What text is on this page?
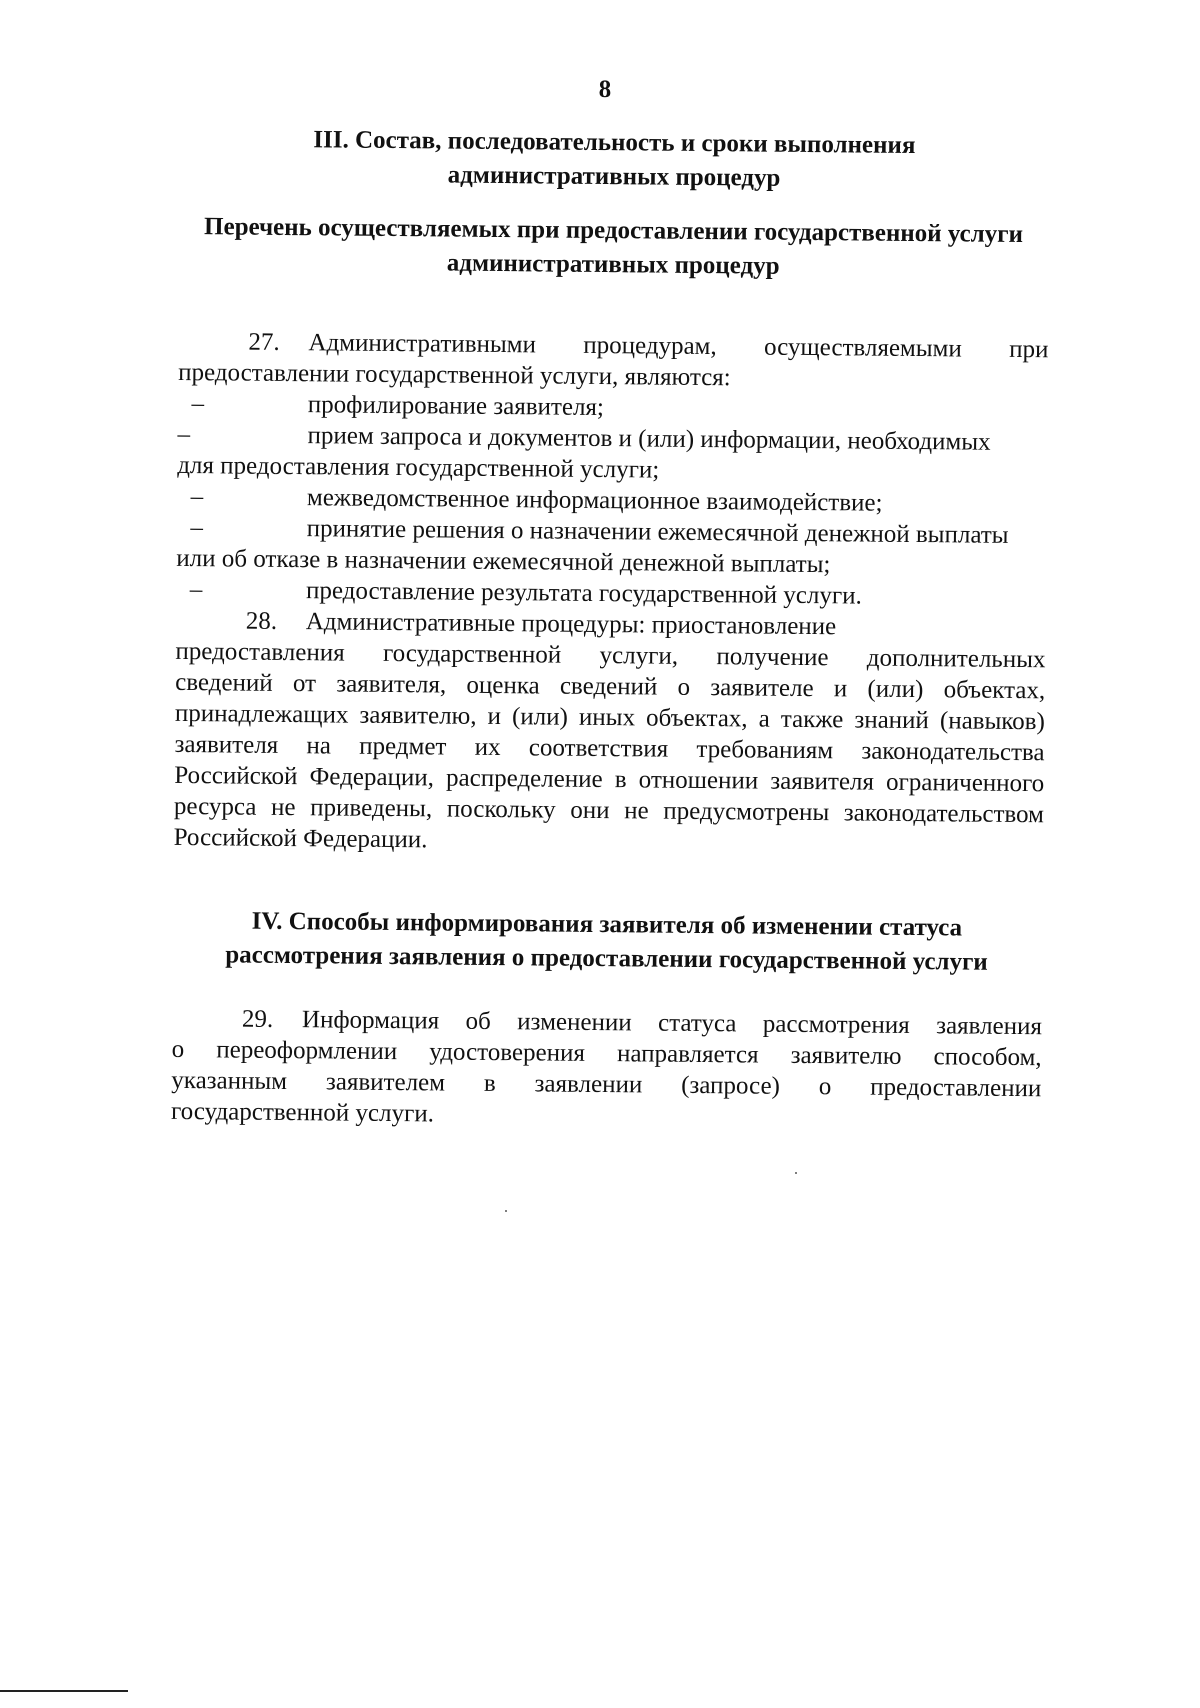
8
III. Состав, последовательность и сроки выполнения
административных процедур
Перечень осуществляемых при предоставлении государственной услуги
административных процедур
27. Административными процедурам, осуществляемыми при
предоставлении государственной услуги, являются:
–	профилирование заявителя;
–	прием запроса и документов и (или) информации, необходимых
для предоставления государственной услуги;
–	межведомственное информационное взаимодействие;
–	принятие решения о назначении ежемесячной денежной выплаты
или об отказе в назначении ежемесячной денежной выплаты;
–	предоставление результата государственной услуги.
28. Административные процедуры: приостановление
предоставления государственной услуги, получение дополнительных
сведений от заявителя, оценка сведений о заявителе и (или) объектах,
принадлежащих заявителю, и (или) иных объектах, а также знаний (навыков)
заявителя на предмет их соответствия требованиям законодательства
Российской Федерации, распределение в отношении заявителя ограниченного
ресурса не приведены, поскольку они не предусмотрены законодательством
Российской Федерации.
IV. Способы информирования заявителя об изменении статуса
рассмотрения заявления о предоставлении государственной услуги
29. Информация об изменении статуса рассмотрения заявления
о переоформлении удостоверения направляется заявителю способом,
указанным заявителем в заявлении (запросе) о предоставлении
государственной услуги.
